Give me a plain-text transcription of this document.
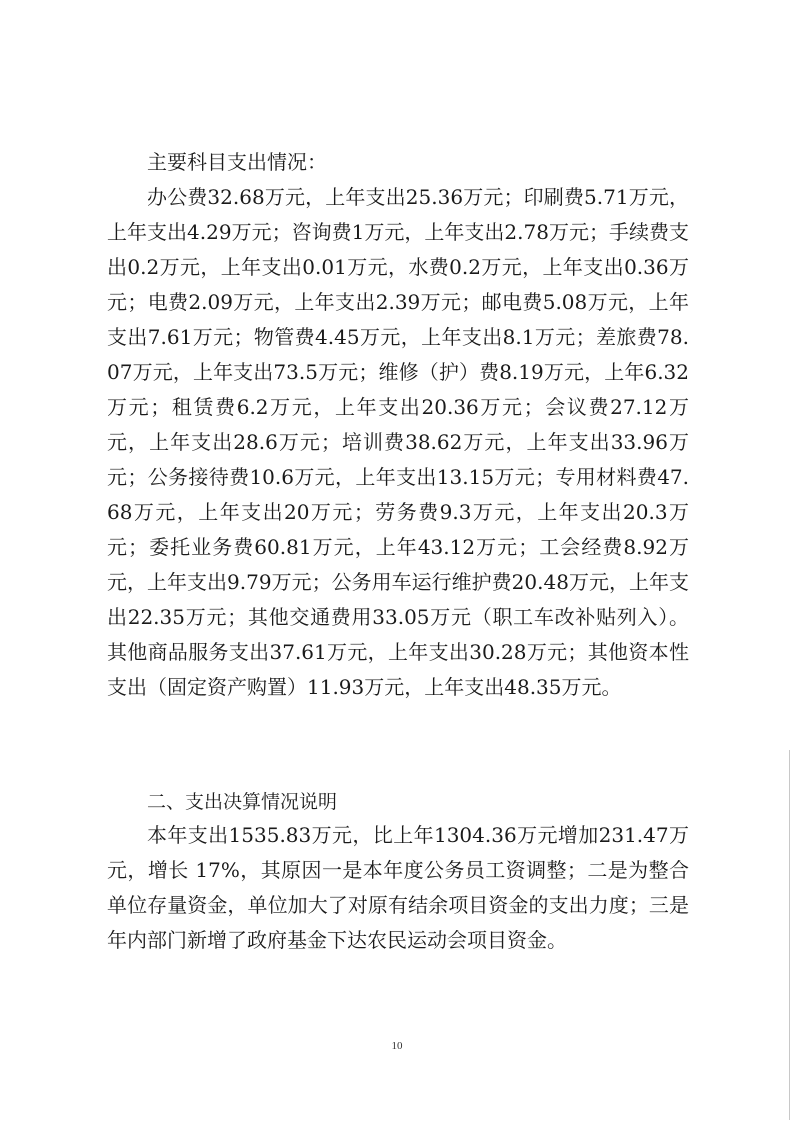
主要科目支出情况：
办公费32.68万元，上年支出25.36万元；印刷费5.71万元，上年支出4.29万元；咨询费1万元，上年支出2.78万元；手续费支出0.2万元，上年支出0.01万元，水费0.2万元，上年支出0.36万元；电费2.09万元，上年支出2.39万元；邮电费5.08万元，上年支出7.61万元；物管费4.45万元，上年支出8.1万元；差旅费78.07万元，上年支出73.5万元；维修（护）费8.19万元，上年6.32万元；租赁费6.2万元，上年支出20.36万元；会议费27.12万元，上年支出28.6万元；培训费38.62万元，上年支出33.96万元；公务接待费10.6万元，上年支出13.15万元；专用材料费47.68万元，上年支出20万元；劳务费9.3万元，上年支出20.3万元；委托业务费60.81万元，上年43.12万元；工会经费8.92万元，上年支出9.79万元；公务用车运行维护费20.48万元，上年支出22.35万元；其他交通费用33.05万元（职工车改补贴列入）。其他商品服务支出37.61万元，上年支出30.28万元；其他资本性支出（固定资产购置）11.93万元，上年支出48.35万元。
二、支出决算情况说明
本年支出1535.83万元，比上年1304.36万元增加231.47万元，增长 17%，其原因一是本年度公务员工资调整；二是为整合单位存量资金，单位加大了对原有结余项目资金的支出力度；三是年内部门新增了政府基金下达农民运动会项目资金。
10
